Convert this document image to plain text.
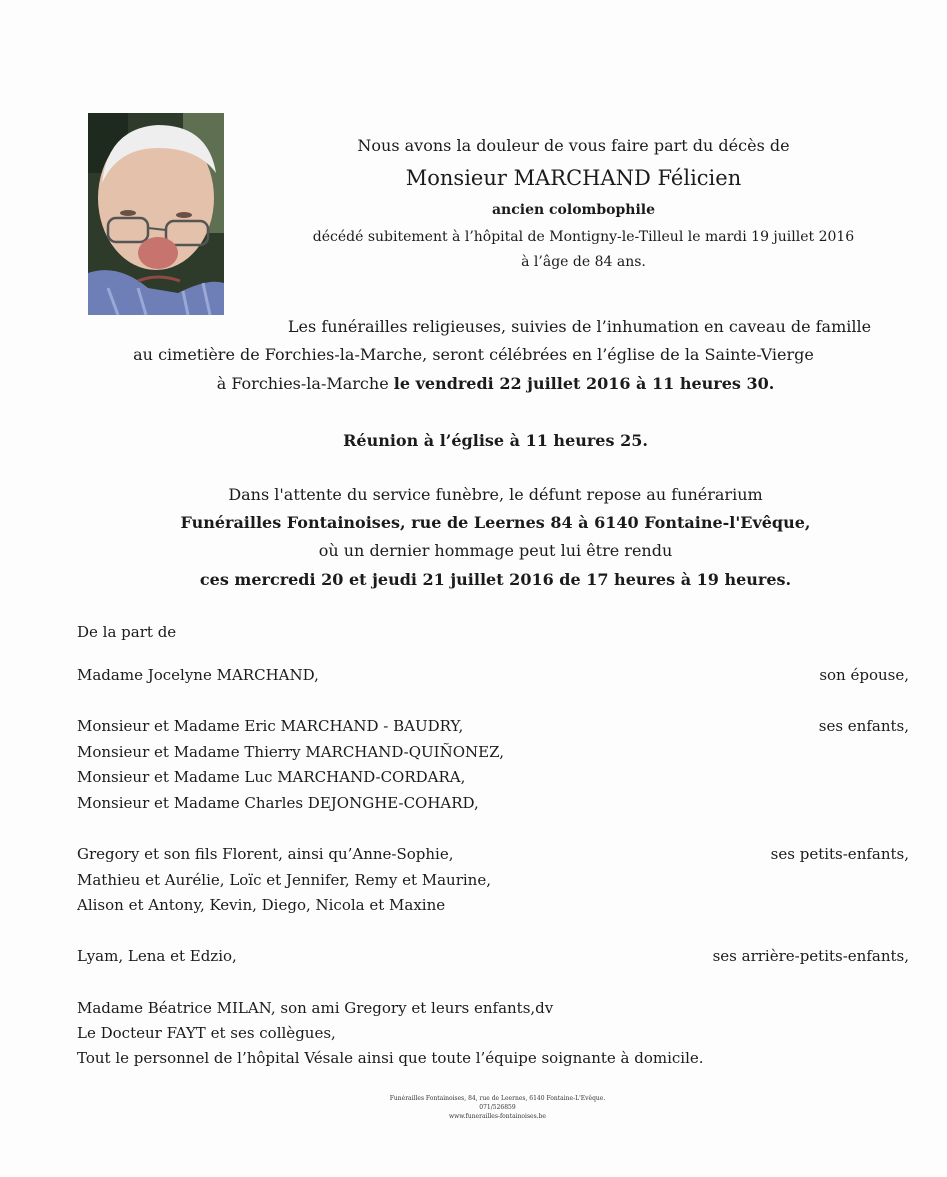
Nous avons la douleur de vous faire part du décès de
Monsieur MARCHAND Félicien
ancien colombophile
décédé subitement à l’hôpital de Montigny-le-Tilleul le mardi 19 juillet 2016
à l’âge de 84 ans.
Les funérailles religieuses, suivies de l’inhumation en caveau de famille
au cimetière de Forchies-la-Marche, seront célébrées en l’église de la Sainte-Vierge
à Forchies-la-Marche le vendredi 22 juillet 2016 à 11 heures 30.
Réunion à l’église à 11 heures 25.
Dans l'attente du service funèbre, le défunt repose au funérarium
Funérailles Fontainoises, rue de Leernes 84 à 6140 Fontaine-l'Evêque,
où un dernier hommage peut lui être rendu
ces mercredi 20 et jeudi 21 juillet 2016 de 17 heures à 19 heures.
De la part de
Madame Jocelyne MARCHAND,	son épouse,
Monsieur et Madame Eric MARCHAND - BAUDRY,	ses enfants,
Monsieur et Madame Thierry MARCHAND-QUIÑONEZ,
Monsieur et Madame Luc MARCHAND-CORDARA,
Monsieur et Madame Charles DEJONGHE-COHARD,
Gregory et son fils Florent, ainsi qu’Anne-Sophie,	ses petits-enfants,
Mathieu et Aurélie, Loïc et Jennifer, Remy et Maurine,
Alison et Antony, Kevin, Diego, Nicola et Maxine
Lyam, Lena et Edzio,	ses arrière-petits-enfants,
Madame Béatrice MILAN, son ami Gregory et leurs enfants,dv
Le Docteur FAYT et ses collègues,
Tout le personnel de l’hôpital Vésale ainsi que toute l’équipe soignante à domicile.
Funérailles Fontainoises, 84, rue de Leernes, 6140 Fontaine-L'Evêque.
071/526859
www.funerailles-fontainoises.be
